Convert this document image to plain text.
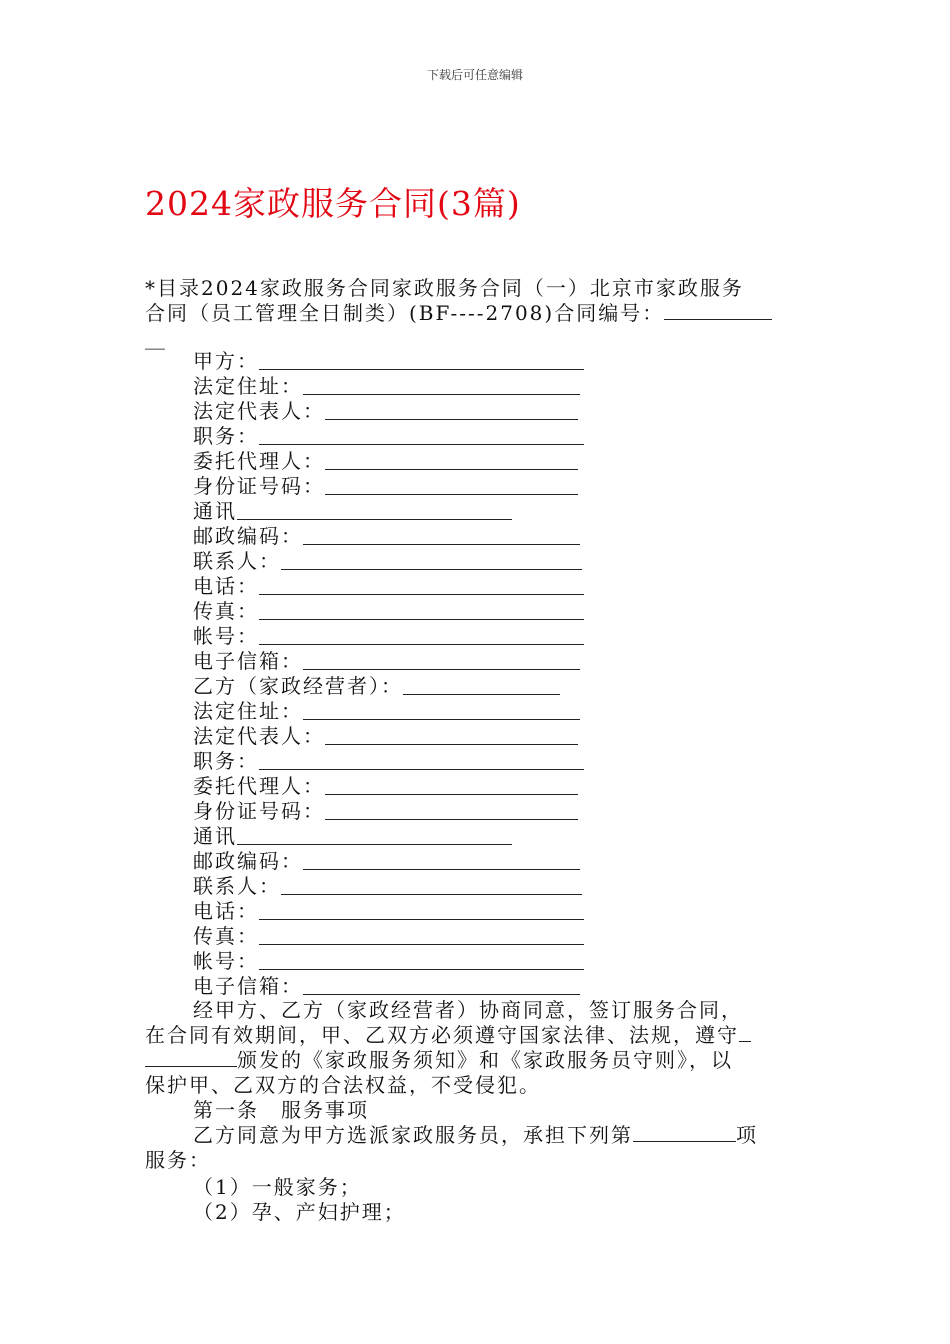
下载后可任意编辑
2024家政服务合同(3篇)
*目录2024家政服务合同家政服务合同（一）北京市家政服务
合同（员工管理全日制类）(BF----2708)合同编号：
__
甲方：
法定住址：
法定代表人：
职务：
委托代理人：
身份证号码：
通讯
邮政编码：
联系人：
电话：
传真：
帐号：
电子信箱：
乙方（家政经营者）：
法定住址：
法定代表人：
职务：
委托代理人：
身份证号码：
通讯
邮政编码：
联系人：
电话：
传真：
帐号：
电子信箱：
经甲方、乙方（家政经营者）协商同意，签订服务合同，
在合同有效期间，甲、乙双方必须遵守国家法律、法规，遵守
颁发的《家政服务须知》和《家政服务员守则》，以
保护甲、乙双方的合法权益，不受侵犯。
第一条　服务事项
乙方同意为甲方选派家政服务员，承担下列第	项
服务：
（1）一般家务；
（2）孕、产妇护理；
